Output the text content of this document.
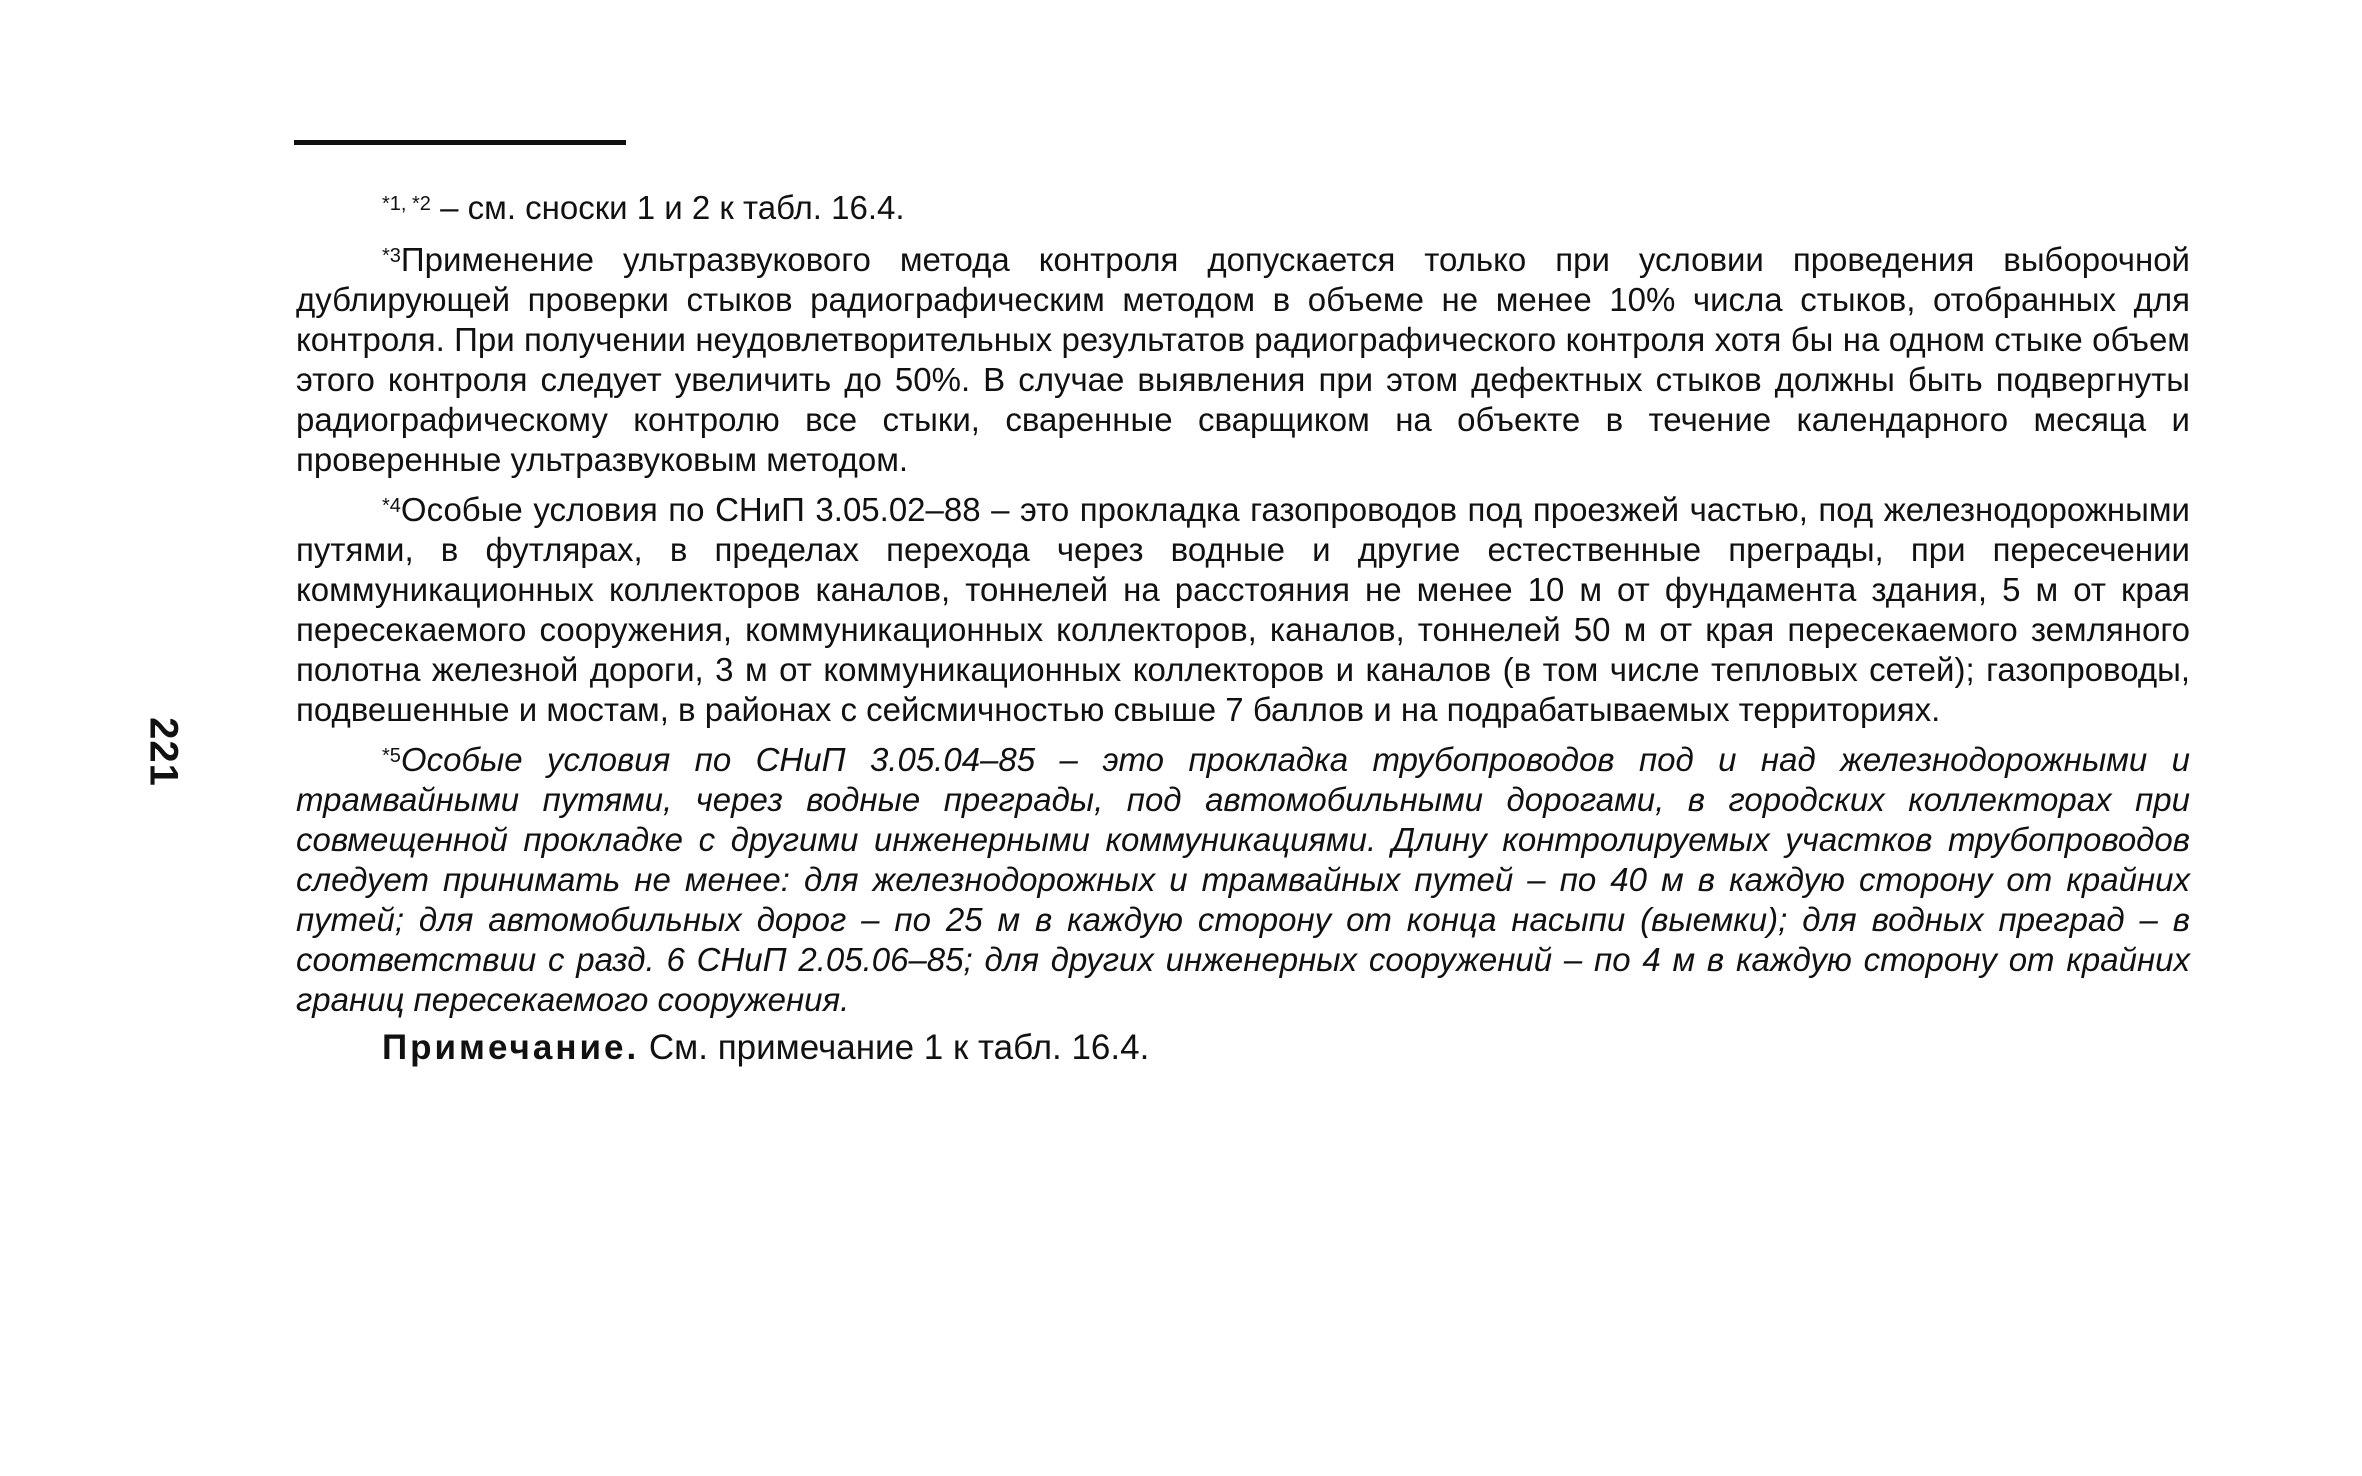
221

$^{*1, *2}$ – см. сноски 1 и 2 к табл. 16.4.

$^{*3}$Применение ультразвукового метода контроля допускается только при условии проведения выборочной дублирующей проверки стыков радиографическим методом в объеме не менее 10% числа стыков, отобранных для контроля. При получении неудовлетворительных результатов радиографического контроля хотя бы на одном стыке объем этого контроля следует увеличить до 50%. В случае выявления при этом дефектных стыков должны быть подвергнуты радиографическому контролю все стыки, сваренные сварщиком на объекте в течение календарного месяца и проверенные ультразвуковым методом.

$^{*4}$Особые условия по СНиП 3.05.02–88 – это прокладка газопроводов под проезжей частью, под железнодорожными путями, в футлярах, в пределах перехода через водные и другие естественные преграды, при пересечении коммуникационных коллекторов каналов, тоннелей на расстояния не менее 10 м от фундамента здания, 5 м от края пересекаемого сооружения, коммуникационных коллекторов, каналов, тоннелей 50 м от края пересекаемого земляного полотна железной дороги, 3 м от коммуникационных коллекторов и каналов (в том числе тепловых сетей); газопроводы, подвешенные и мостам, в районах с сейсмичностью свыше 7 баллов и на подрабатываемых территориях.

$^{*5}$Особые условия по СНиП 3.05.04–85 – это прокладка трубопроводов под и над железнодорожными и трамвайными путями, через водные преграды, под автомобильными дорогами, в городских коллекторах при совмещенной прокладке с другими инженерными коммуникациями. Длину контролируемых участков трубопроводов следует принимать не менее: для железнодорожных и трамвайных путей – по 40 м в каждую сторону от крайних путей; для автомобильных дорог – по 25 м в каждую сторону от конца насыпи (выемки); для водных преград – в соответствии с разд. 6 СНиП 2.05.06–85; для других инженерных сооружений – по 4 м в каждую сторону от крайних границ пересекаемого сооружения.

Примечание. См. примечание 1 к табл. 16.4.
